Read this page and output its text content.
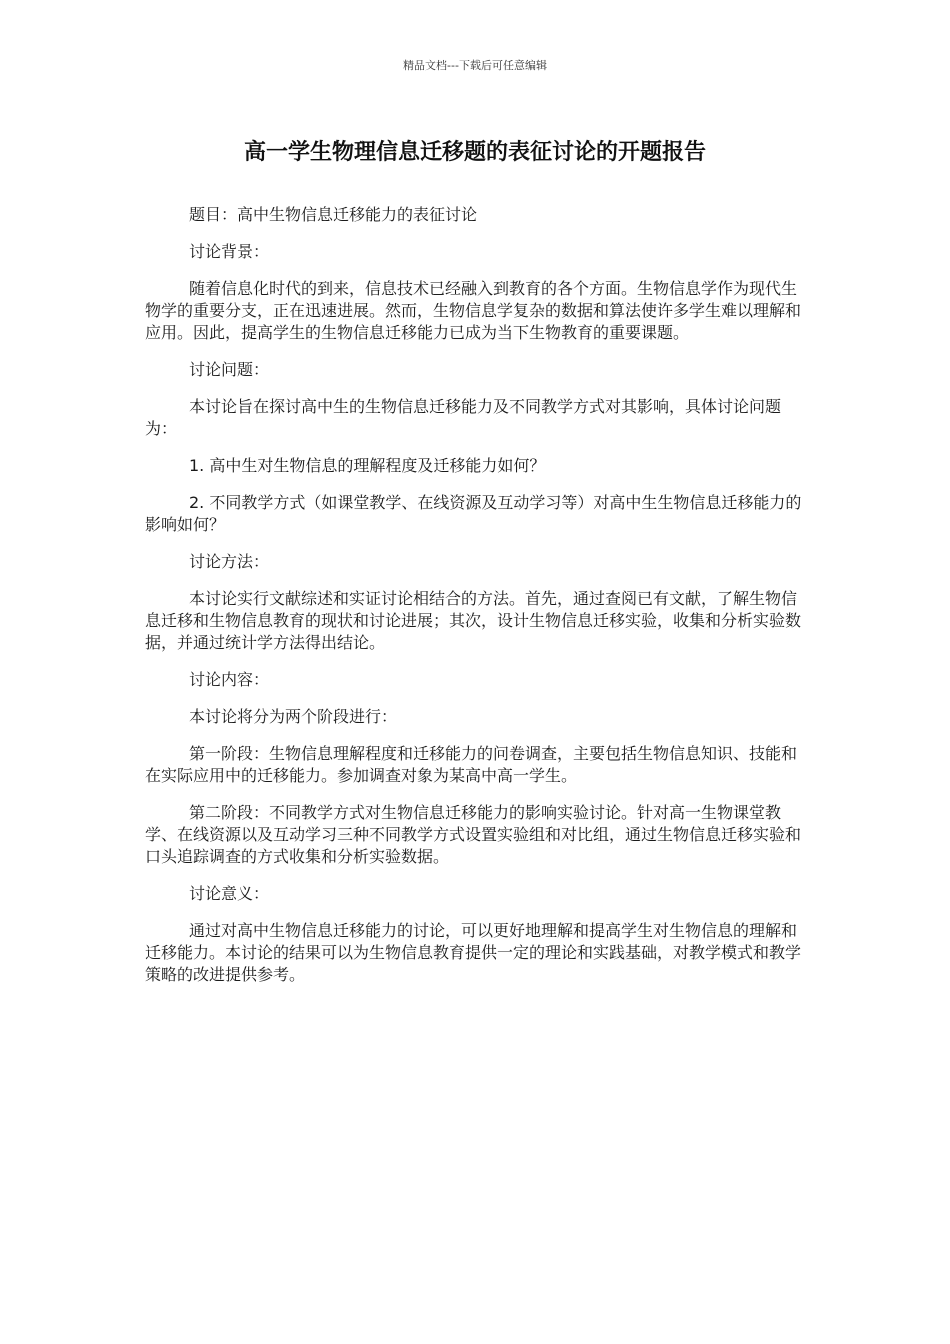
精品文档---下载后可任意编辑
高一学生物理信息迁移题的表征讨论的开题报告

题目：高中生物信息迁移能力的表征讨论

讨论背景：

随着信息化时代的到来，信息技术已经融入到教育的各个方面。生物信息学作为现代生物学的重要分支，正在迅速进展。然而，生物信息学复杂的数据和算法使许多学生难以理解和应用。因此，提高学生的生物信息迁移能力已成为当下生物教育的重要课题。

讨论问题：

本讨论旨在探讨高中生的生物信息迁移能力及不同教学方式对其影响，具体讨论问题为：

1. 高中生对生物信息的理解程度及迁移能力如何？

2. 不同教学方式（如课堂教学、在线资源及互动学习等）对高中生生物信息迁移能力的影响如何？

讨论方法：

本讨论实行文献综述和实证讨论相结合的方法。首先，通过查阅已有文献，了解生物信息迁移和生物信息教育的现状和讨论进展；其次，设计生物信息迁移实验，收集和分析实验数据，并通过统计学方法得出结论。

讨论内容：

本讨论将分为两个阶段进行：

第一阶段：生物信息理解程度和迁移能力的问卷调查，主要包括生物信息知识、技能和在实际应用中的迁移能力。参加调查对象为某高中高一学生。

第二阶段：不同教学方式对生物信息迁移能力的影响实验讨论。针对高一生物课堂教学、在线资源以及互动学习三种不同教学方式设置实验组和对比组，通过生物信息迁移实验和口头追踪调查的方式收集和分析实验数据。

讨论意义：

通过对高中生物信息迁移能力的讨论，可以更好地理解和提高学生对生物信息的理解和迁移能力。本讨论的结果可以为生物信息教育提供一定的理论和实践基础，对教学模式和教学策略的改进提供参考。
